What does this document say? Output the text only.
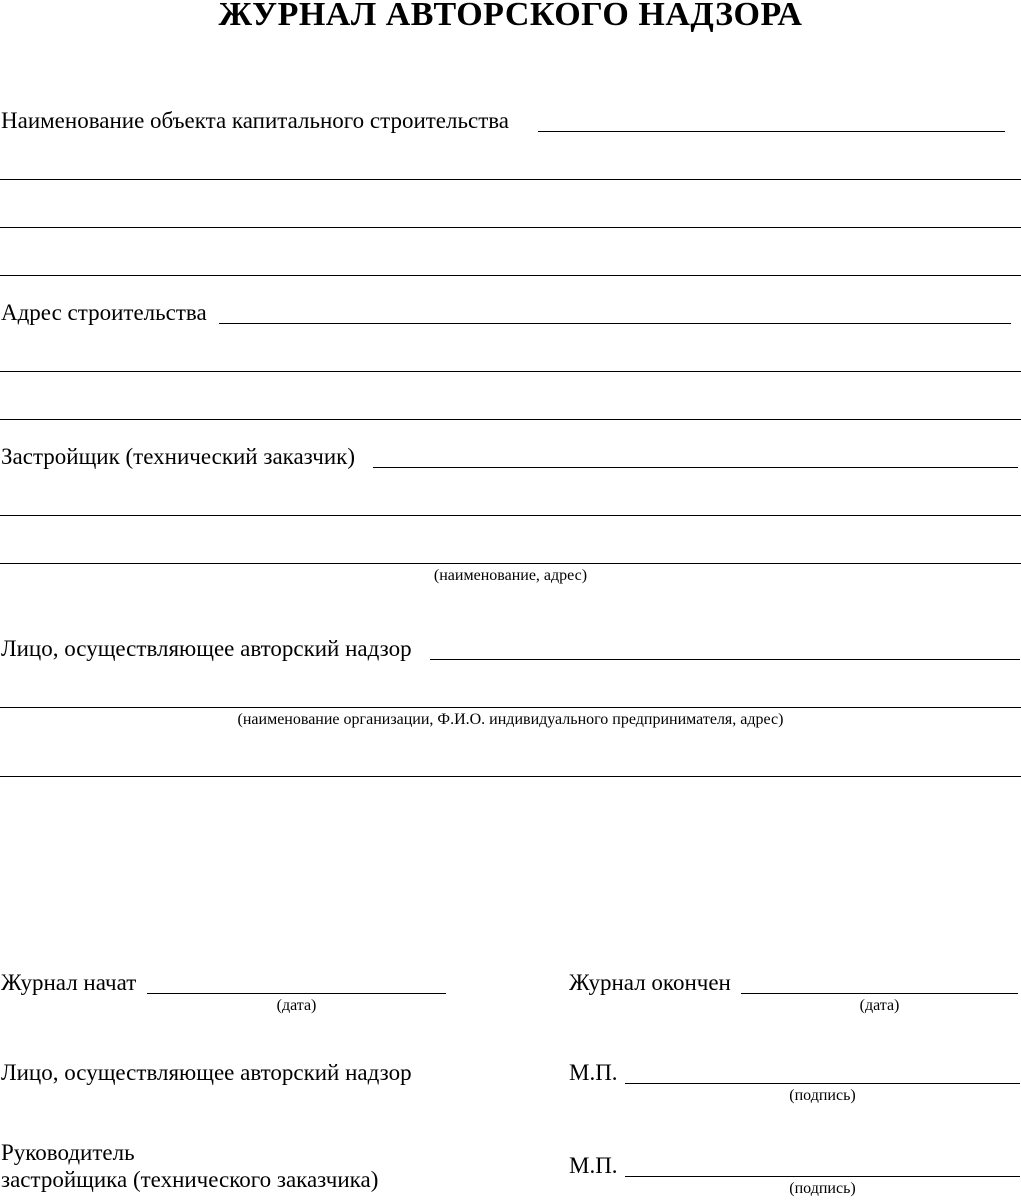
ЖУРНАЛ АВТОРСКОГО НАДЗОРА
Наименование объекта капитального строительства
Адрес строительства
Застройщик (технический заказчик)
(наименование, адрес)
Лицо, осуществляющее авторский надзор
(наименование организации, Ф.И.О. индивидуального предпринимателя, адрес)
Журнал начат
(дата)
Журнал окончен
(дата)
Лицо, осуществляющее авторский надзор	М.П.
(подпись)
Руководитель
застройщика (технического заказчика)
М.П.
(подпись)
